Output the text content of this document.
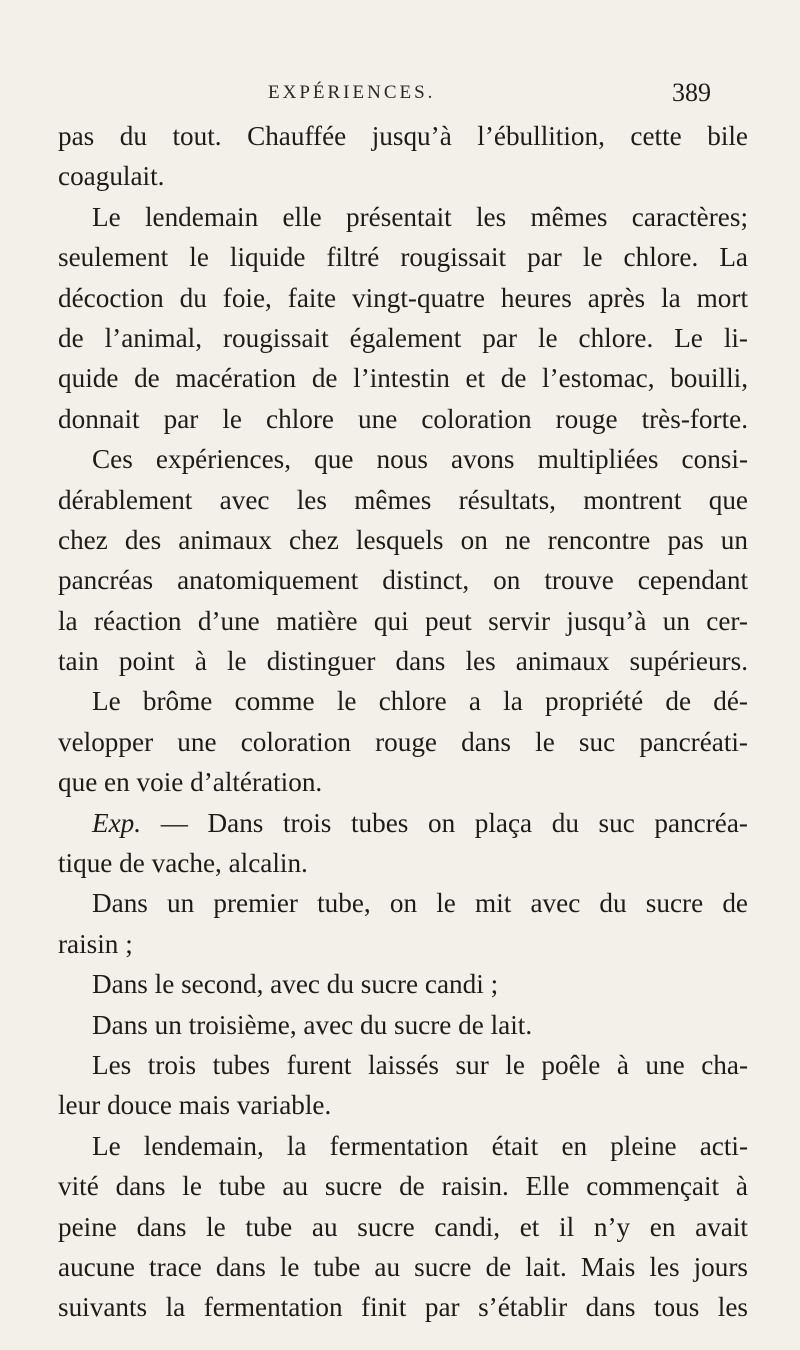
EXPÉRIENCES.	389
pas du tout. Chauffée jusqu’à l’ébullition, cette bile
coagulait.
Le lendemain elle présentait les mêmes caractères;
seulement le liquide filtré rougissait par le chlore. La
décoction du foie, faite vingt-quatre heures après la mort
de l’animal, rougissait également par le chlore. Le li-
quide de macération de l’intestin et de l’estomac, bouilli,
donnait par le chlore une coloration rouge très-forte.
Ces expériences, que nous avons multipliées consi-
dérablement avec les mêmes résultats, montrent que
chez des animaux chez lesquels on ne rencontre pas un
pancréas anatomiquement distinct, on trouve cependant
la réaction d’une matière qui peut servir jusqu’à un cer-
tain point à le distinguer dans les animaux supérieurs.
Le brôme comme le chlore a la propriété de dé-
velopper une coloration rouge dans le suc pancréati-
que en voie d’altération.
Exp. — Dans trois tubes on plaça du suc pancréa-
tique de vache, alcalin.
Dans un premier tube, on le mit avec du sucre de
raisin ;
Dans le second, avec du sucre candi ;
Dans un troisième, avec du sucre de lait.
Les trois tubes furent laissés sur le poêle à une cha-
leur douce mais variable.
Le lendemain, la fermentation était en pleine acti-
vité dans le tube au sucre de raisin. Elle commençait à
peine dans le tube au sucre candi, et il n’y en avait
aucune trace dans le tube au sucre de lait. Mais les jours
suivants la fermentation finit par s’établir dans tous les
